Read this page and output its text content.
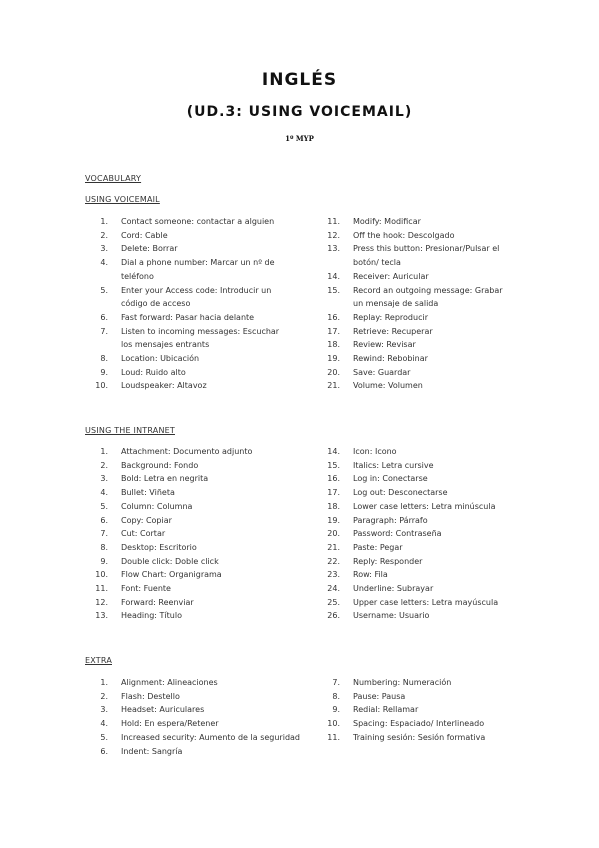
INGLÉS
(UD.3: USING VOICEMAIL)
1º MYP
VOCABULARY
USING VOICEMAIL
1.	Contact someone: contactar a alguien
2.	Cord: Cable
3.	Delete: Borrar
4.	Dial a phone number: Marcar un nº de teléfono
5.	Enter your Access code: Introducir un código de acceso
6.	Fast forward: Pasar hacia delante
7.	Listen to incoming messages: Escuchar los mensajes entrants
8.	Location: Ubicación
9.	Loud: Ruido alto
10.	Loudspeaker: Altavoz
11.	Modify: Modificar
12.	Off the hook: Descolgado
13.	Press this button: Presionar/Pulsar el botón/ tecla
14.	Receiver: Auricular
15.	Record an outgoing message: Grabar un mensaje de salida
16.	Replay: Reproducir
17.	Retrieve: Recuperar
18.	Review: Revisar
19.	Rewind: Rebobinar
20.	Save: Guardar
21.	Volume: Volumen
USING THE INTRANET
1.	Attachment: Documento adjunto
2.	Background: Fondo
3.	Bold: Letra en negrita
4.	Bullet: Viñeta
5.	Column: Columna
6.	Copy: Copiar
7.	Cut: Cortar
8.	Desktop: Escritorio
9.	Double click: Doble click
10.	Flow Chart: Organigrama
11.	Font: Fuente
12.	Forward: Reenviar
13.	Heading: Título
14.	Icon: Icono
15.	Italics: Letra cursive
16.	Log in: Conectarse
17.	Log out: Desconectarse
18.	Lower case letters: Letra minúscula
19.	Paragraph: Párrafo
20.	Password: Contraseña
21.	Paste: Pegar
22.	Reply: Responder
23.	Row: Fila
24.	Underline: Subrayar
25.	Upper case letters: Letra mayúscula
26.	Username: Usuario
EXTRA
1.	Alignment: Alineaciones
2.	Flash: Destello
3.	Headset: Auriculares
4.	Hold: En espera/Retener
5.	Increased security: Aumento de la seguridad
6.	Indent: Sangría
7.	Numbering: Numeración
8.	Pause: Pausa
9.	Redial: Rellamar
10.	Spacing: Espaciado/ Interlineado
11.	Training sesión: Sesión formativa
